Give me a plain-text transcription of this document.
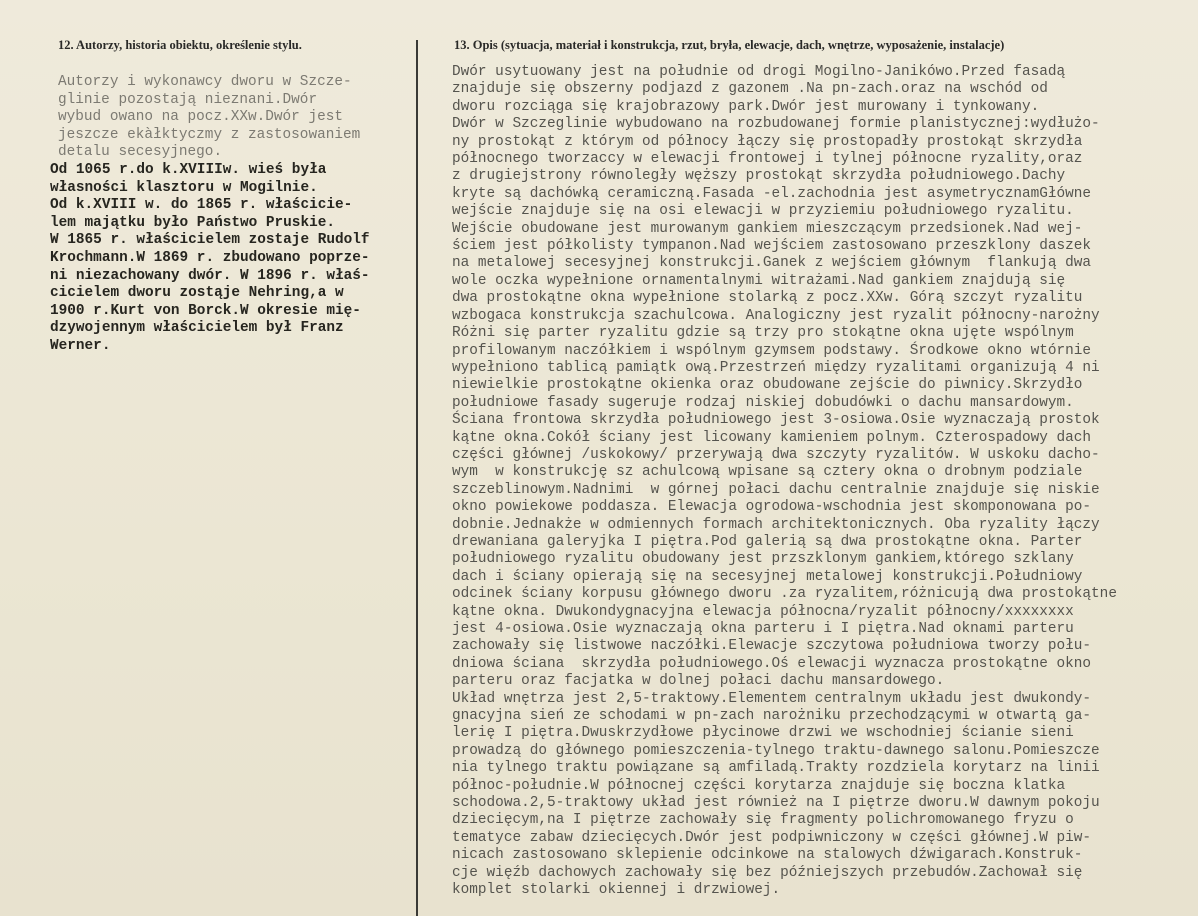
12. Autorzy, historia obiektu, określenie stylu.	13. Opis (sytuacja, materiał i konstrukcja, rzut, bryła, elewacje, dach, wnętrze, wyposażenie, instalacje)
Autorzy i wykonawcy dworu w Szcze-
glinie pozostają nieznani.Dwór
wybud owano na pocz.XXw.Dwór jest
jeszcze ekàłktyczmy z zastosowaniem
detalu secesyjnego.
Od 1065 r.do k.XVIIIw. wieś była
własności klasztoru w Mogilnie.
Od k.XVIII w. do 1865 r. właścicie-
lem majątku było Państwo Pruskie.
W 1865 r. właścicielem zostaje Rudolf
Krochmann.W 1869 r. zbudowano poprze-
ni niezachowany dwór. W 1896 r. właś-
cicielem dworu zostąje Nehring,a w
1900 r.Kurt von Borck.W okresie mię-
dzywojennym właścicielem był Franz
Werner.
Dwór usytuowany jest na południe od drogi Mogilno-Janikówo.Przed fasadą
znajduje się obszerny podjazd z gazonem .Na pn-zach.oraz na wschód od
dworu rozciąga się krajobrazowy park.Dwór jest murowany i tynkowany.
Dwór w Szczeglinie wybudowano na rozbudowanej formie planistycznej:wydłużo-
ny prostokąt z którym od północy łączy się prostopadły prostokąt skrzydła
północnego tworzaccy w elewacji frontowej i tylnej północne ryzality,oraz
z drugiejstrony równoległy węższy prostokąt skrzydła południowego.Dachy
kryte są dachówką ceramiczną.Fasada -el.zachodnia jest asymetrycznamGłówne
wejście znajduje się na osi elewacji w przyziemiu południowego ryzalitu.
Wejście obudowane jest murowanym gankiem mieszczącym przedsionek.Nad wej-
ściem jest półkolisty tympanon.Nad wejściem zastosowano przeszklony daszek
na metalowej secesyjnej konstrukcji.Ganek z wejściem głównym  flankują dwa
wole oczka wypełnione ornamentalnymi witrażami.Nad gankiem znajdują się
dwa prostokątne okna wypełnione stolarką z pocz.XXw. Górą szczyt ryzalitu
wzbogaca konstrukcja szachulcowa. Analogiczny jest ryzalit północny-narożny
Różni się parter ryzalitu gdzie są trzy pro stokątne okna ujęte wspólnym
profilowanym naczółkiem i wspólnym gzymsem podstawy. Środkowe okno wtórnie
wypełniono tablicą pamiątk ową.Przestrzeń między ryzalitami organizują 4 ni
niewielkie prostokątne okienka oraz obudowane zejście do piwnicy.Skrzydło
południowe fasady sugeruje rodzaj niskiej dobudówki o dachu mansardowym.
Ściana frontowa skrzydła południowego jest 3-osiowa.Osie wyznaczają prostok
kątne okna.Cokół ściany jest licowany kamieniem polnym. Czterospadowy dach
części głównej /uskokowy/ przerywają dwa szczyty ryzalitów. W uskoku dacho-
wym  w konstrukcję sz achulcową wpisane są cztery okna o drobnym podziale
szczeblinowym.Nadnimi  w górnej połaci dachu centralnie znajduje się niskie
okno powiekowe poddasza. Elewacja ogrodowa-wschodnia jest skomponowana po-
dobnie.Jednakże w odmiennych formach architektonicznych. Oba ryzality łączy
drewaniana galeryjka I piętra.Pod galerią są dwa prostokątne okna. Parter
południowego ryzalitu obudowany jest przszklonym gankiem,którego szklany
dach i ściany opierają się na secesyjnej metalowej konstrukcji.Południowy
odcinek ściany korpusu głównego dworu .za ryzalitem,różnicują dwa prostokątne
kątne okna. Dwukondygnacyjna elewacja północna/ryzalit północny/xxxxxxxx
jest 4-osiowa.Osie wyznaczają okna parteru i I piętra.Nad oknami parteru
zachowały się listwowe naczółki.Elewacje szczytowa południowa tworzy połu-
dniowa ściana  skrzydła południowego.Oś elewacji wyznacza prostokątne okno
parteru oraz facjatka w dolnej połaci dachu mansardowego.
Układ wnętrza jest 2,5-traktowy.Elementem centralnym układu jest dwukondy-
gnacyjna sień ze schodami w pn-zach narożniku przechodzącymi w otwartą ga-
lerię I piętra.Dwuskrzydłowe płycinowe drzwi we wschodniej ścianie sieni
prowadzą do głównego pomieszczenia-tylnego traktu-dawnego salonu.Pomieszcze
nia tylnego traktu powiązane są amfiladą.Trakty rozdziela korytarz na linii
północ-południe.W północnej części korytarza znajduje się boczna klatka
schodowa.2,5-traktowy układ jest również na I piętrze dworu.W dawnym pokoju
dziecięcym,na I piętrze zachowały się fragmenty polichromowanego fryzu o
tematyce zabaw dziecięcych.Dwór jest podpiwniczony w części głównej.W piw-
nicach zastosowano sklepienie odcinkowe na stalowych dźwigarach.Konstruk-
cje więźb dachowych zachowały się bez późniejszych przebudów.Zachował się
komplet stolarki okiennej i drzwiowej.
